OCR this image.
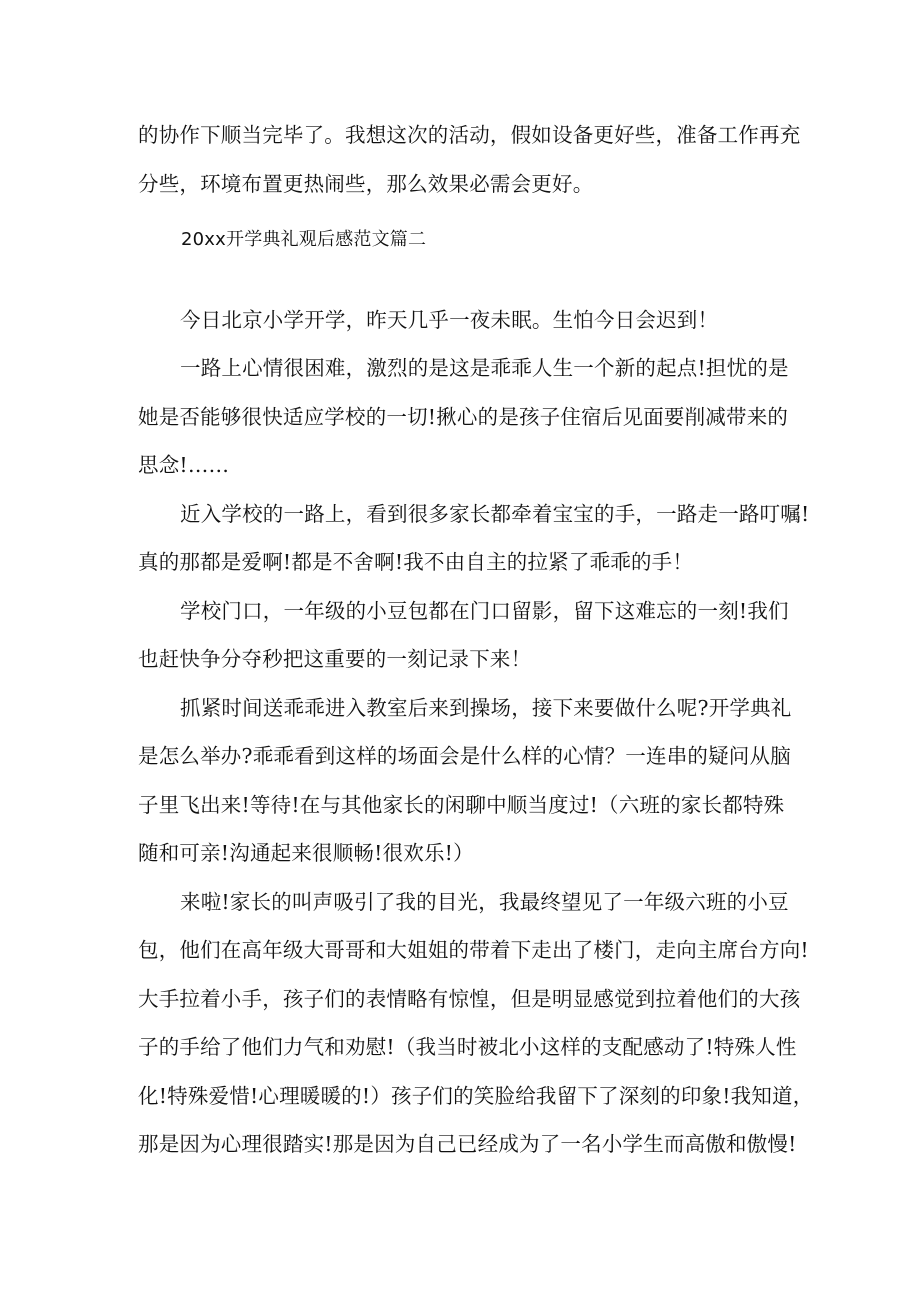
的协作下顺当完毕了。我想这次的活动，假如设备更好些，准备工作再充
分些，环境布置更热闹些，那么效果必需会更好。
20xx开学典礼观后感范文篇二
今日北京小学开学，昨天几乎一夜未眠。生怕今日会迟到！
一路上心情很困难，激烈的是这是乖乖人生一个新的起点!担忧的是
她是否能够很快适应学校的一切!揪心的是孩子住宿后见面要削减带来的
思念!……
近入学校的一路上，看到很多家长都牵着宝宝的手，一路走一路叮嘱!
真的那都是爱啊!都是不舍啊!我不由自主的拉紧了乖乖的手！
学校门口，一年级的小豆包都在门口留影，留下这难忘的一刻!我们
也赶快争分夺秒把这重要的一刻记录下来！
抓紧时间送乖乖进入教室后来到操场，接下来要做什么呢?开学典礼
是怎么举办?乖乖看到这样的场面会是什么样的心情？一连串的疑问从脑
子里飞出来!等待!在与其他家长的闲聊中顺当度过!（六班的家长都特殊
随和可亲!沟通起来很顺畅!很欢乐!）
来啦!家长的叫声吸引了我的目光，我最终望见了一年级六班的小豆
包，他们在高年级大哥哥和大姐姐的带着下走出了楼门，走向主席台方向!
大手拉着小手，孩子们的表情略有惊惶，但是明显感觉到拉着他们的大孩
子的手给了他们力气和劝慰!（我当时被北小这样的支配感动了!特殊人性
化!特殊爱惜!心理暖暖的!）孩子们的笑脸给我留下了深刻的印象!我知道，
那是因为心理很踏实!那是因为自己已经成为了一名小学生而高傲和傲慢!
